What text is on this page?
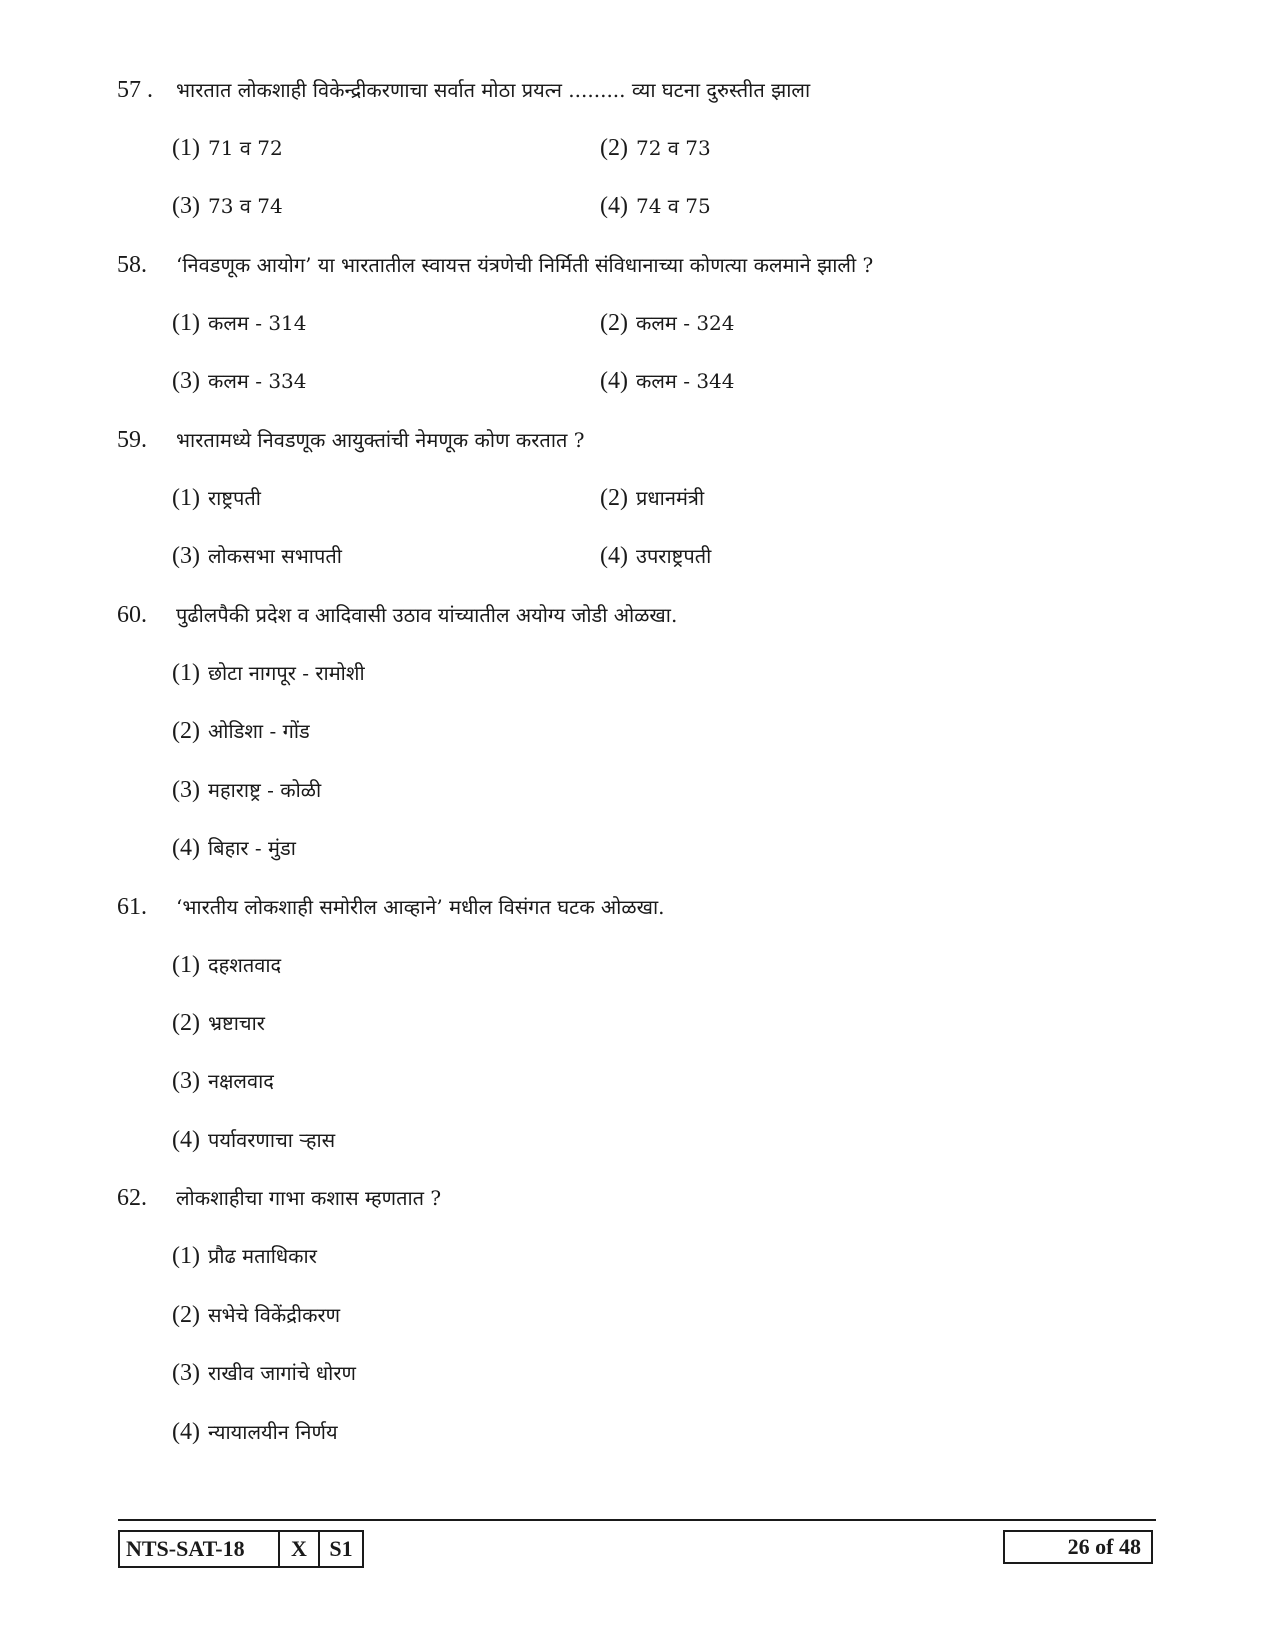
57 . भारतात लोकशाही विकेन्द्रीकरणाचा सर्वात मोठा प्रयत्न ......... व्या घटना दुरुस्तीत झाला
(1) 71 व 72	(2) 72 व 73
(3) 73 व 74	(4) 74 व 75
58. ‘निवडणूक आयोग’ या भारतातील स्वायत्त यंत्रणेची निर्मिती संविधानाच्या कोणत्या कलमाने झाली ?
(1) कलम - 314	(2) कलम - 324
(3) कलम - 334	(4) कलम - 344
59. भारतामध्ये निवडणूक आयुक्तांची नेमणूक कोण करतात ?
(1) राष्ट्रपती	(2) प्रधानमंत्री
(3) लोकसभा सभापती	(4) उपराष्ट्रपती
60. पुढीलपैकी प्रदेश व आदिवासी उठाव यांच्यातील अयोग्य जोडी ओळखा.
(1) छोटा नागपूर - रामोशी
(2) ओडिशा - गोंड
(3) महाराष्ट्र - कोळी
(4) बिहार - मुंडा
61. ‘भारतीय लोकशाही समोरील आव्हाने’ मधील विसंगत घटक ओळखा.
(1) दहशतवाद
(2) भ्रष्टाचार
(3) नक्षलवाद
(4) पर्यावरणाचा ऱ्हास
62. लोकशाहीचा गाभा कशास म्हणतात ?
(1) प्रौढ मताधिकार
(2) सभेचे विकेंद्रीकरण
(3) राखीव जागांचे धोरण
(4) न्यायालयीन निर्णय
NTS-SAT-18	X	S1	26 of 48
